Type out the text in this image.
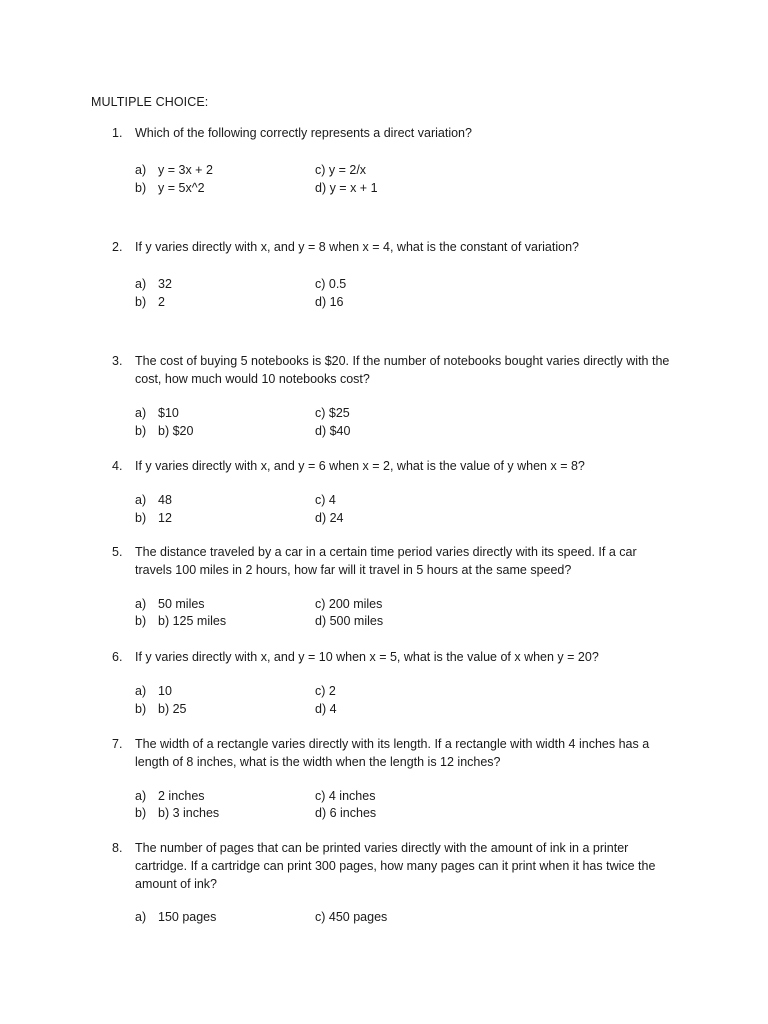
MULTIPLE CHOICE:
1. Which of the following correctly represents a direct variation?
a) y = 3x + 2
b) y = 5x^2
c) y = 2/x
d) y = x + 1
2. If y varies directly with x, and y = 8 when x = 4, what is the constant of variation?
a) 32
b) 2
c) 0.5
d) 16
3. The cost of buying 5 notebooks is $20. If the number of notebooks bought varies directly with the cost, how much would 10 notebooks cost?
a) $10
b) b) $20
c) $25
d) $40
4. If y varies directly with x, and y = 6 when x = 2, what is the value of y when x = 8?
a) 48
b) 12
c) 4
d) 24
5. The distance traveled by a car in a certain time period varies directly with its speed. If a car travels 100 miles in 2 hours, how far will it travel in 5 hours at the same speed?
a) 50 miles
b) b) 125 miles
c) 200 miles
d) 500 miles
6. If y varies directly with x, and y = 10 when x = 5, what is the value of x when y = 20?
a) 10
b) b) 25
c) 2
d) 4
7. The width of a rectangle varies directly with its length. If a rectangle with width 4 inches has a length of 8 inches, what is the width when the length is 12 inches?
a) 2 inches
b) b) 3 inches
c) 4 inches
d) 6 inches
8. The number of pages that can be printed varies directly with the amount of ink in a printer cartridge. If a cartridge can print 300 pages, how many pages can it print when it has twice the amount of ink?
a) 150 pages	c) 450 pages
